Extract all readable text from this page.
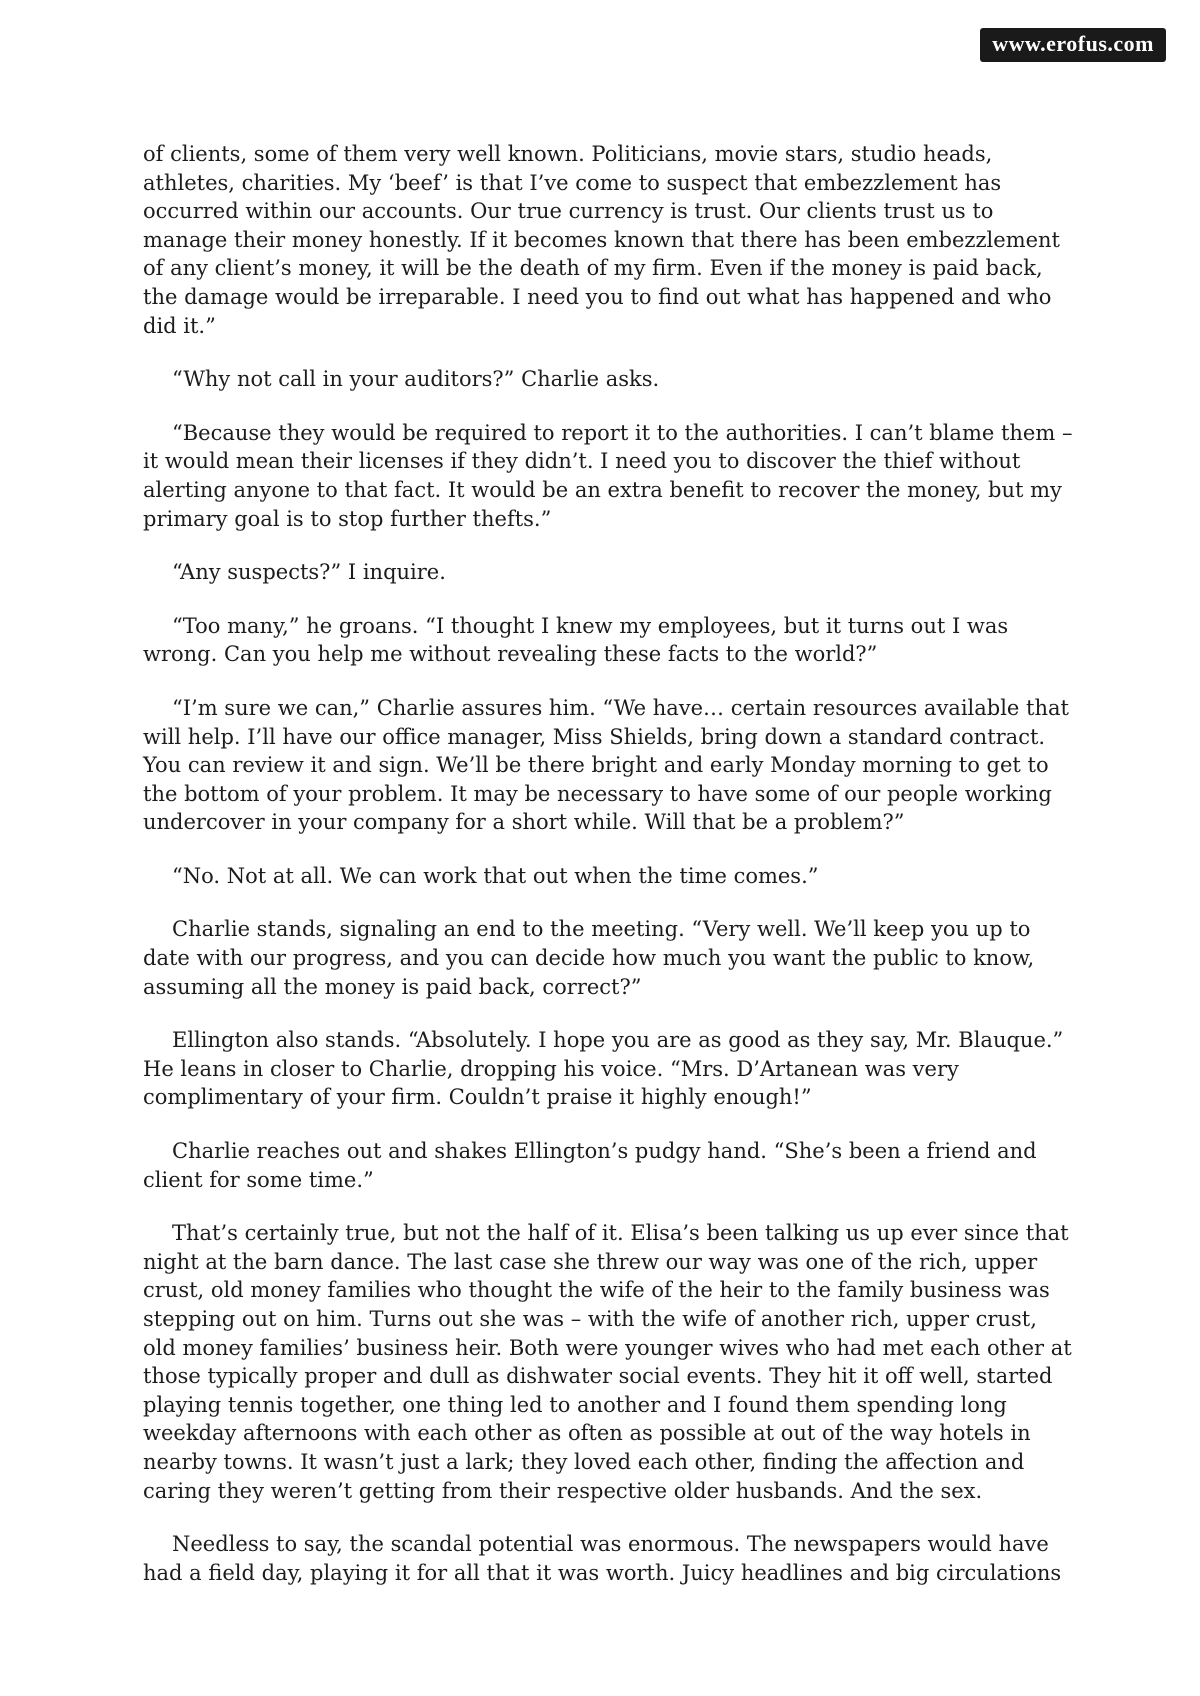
www.erofus.com

of clients, some of them very well known. Politicians, movie stars, studio heads, athletes, charities. My ‘beef’ is that I’ve come to suspect that embezzlement has occurred within our accounts. Our true currency is trust. Our clients trust us to manage their money honestly. If it becomes known that there has been embezzlement of any client’s money, it will be the death of my firm. Even if the money is paid back, the damage would be irreparable. I need you to find out what has happened and who did it.”

“Why not call in your auditors?” Charlie asks.

“Because they would be required to report it to the authorities. I can’t blame them – it would mean their licenses if they didn’t. I need you to discover the thief without alerting anyone to that fact. It would be an extra benefit to recover the money, but my primary goal is to stop further thefts.”

“Any suspects?” I inquire.

“Too many,” he groans. “I thought I knew my employees, but it turns out I was wrong. Can you help me without revealing these facts to the world?”

“I’m sure we can,” Charlie assures him. “We have… certain resources available that will help. I’ll have our office manager, Miss Shields, bring down a standard contract. You can review it and sign. We’ll be there bright and early Monday morning to get to the bottom of your problem. It may be necessary to have some of our people working undercover in your company for a short while. Will that be a problem?”

“No. Not at all. We can work that out when the time comes.”

Charlie stands, signaling an end to the meeting. “Very well. We’ll keep you up to date with our progress, and you can decide how much you want the public to know, assuming all the money is paid back, correct?”

Ellington also stands. “Absolutely. I hope you are as good as they say, Mr. Blauque.” He leans in closer to Charlie, dropping his voice. “Mrs. D’Artanean was very complimentary of your firm. Couldn’t praise it highly enough!”

Charlie reaches out and shakes Ellington’s pudgy hand. “She’s been a friend and client for some time.”

That’s certainly true, but not the half of it. Elisa’s been talking us up ever since that night at the barn dance. The last case she threw our way was one of the rich, upper crust, old money families who thought the wife of the heir to the family business was stepping out on him. Turns out she was – with the wife of another rich, upper crust, old money families’ business heir. Both were younger wives who had met each other at those typically proper and dull as dishwater social events. They hit it off well, started playing tennis together, one thing led to another and I found them spending long weekday afternoons with each other as often as possible at out of the way hotels in nearby towns. It wasn’t just a lark; they loved each other, finding the affection and caring they weren’t getting from their respective older husbands. And the sex.

Needless to say, the scandal potential was enormous. The newspapers would have had a field day, playing it for all that it was worth. Juicy headlines and big circulations
